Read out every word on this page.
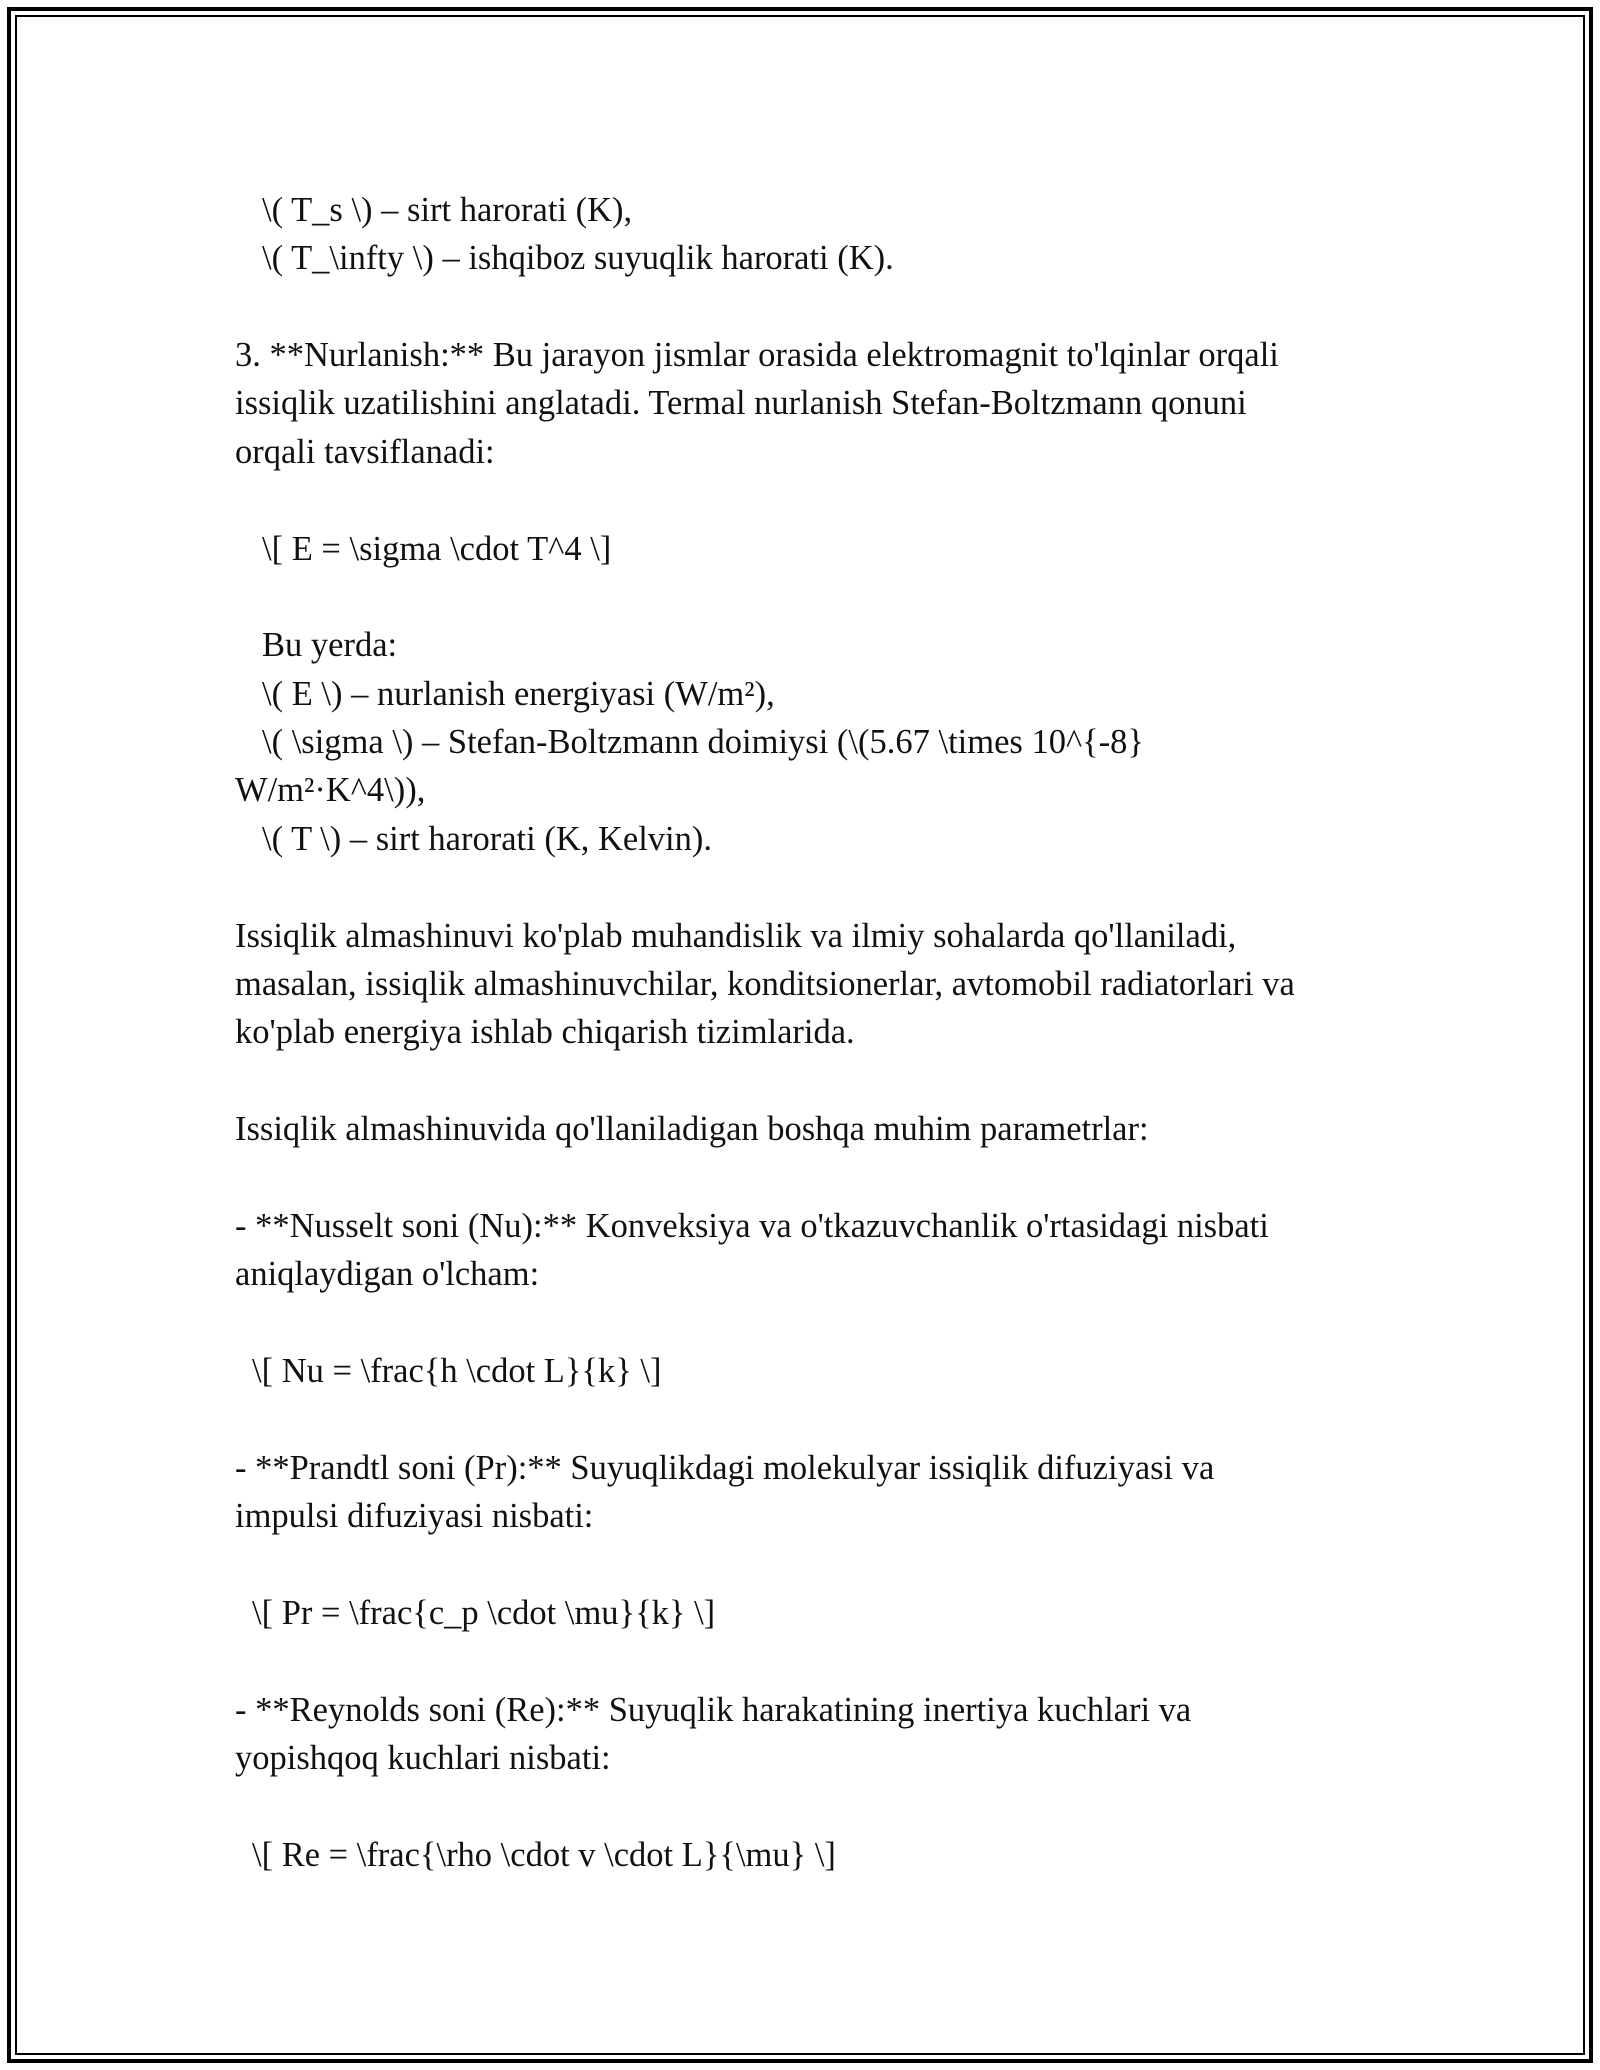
\( T_s \) – sirt harorati (K),
\( T_\infty \) – ishqiboz suyuqlik harorati (K).
3. **Nurlanish:** Bu jarayon jismlar orasida elektromagnit to'lqinlar orqali
issiqlik uzatilishini anglatadi. Termal nurlanish Stefan-Boltzmann qonuni
orqali tavsiflanadi:
\[ E = \sigma \cdot T^4 \]
Bu yerda:
\( E \) – nurlanish energiyasi (W/m²),
\( \sigma \) – Stefan-Boltzmann doimiysi (\(5.67 \times 10^{-8}
W/m²·K^4\)),
\( T \) – sirt harorati (K, Kelvin).
Issiqlik almashinuvi ko'plab muhandislik va ilmiy sohalarda qo'llaniladi,
masalan, issiqlik almashinuvchilar, konditsionerlar, avtomobil radiatorlari va
ko'plab energiya ishlab chiqarish tizimlarida.
Issiqlik almashinuvida qo'llaniladigan boshqa muhim parametrlar:
- **Nusselt soni (Nu):** Konveksiya va o'tkazuvchanlik o'rtasidagi nisbati
aniqlaydigan o'lcham:
\[ Nu = \frac{h \cdot L}{k} \]
- **Prandtl soni (Pr):** Suyuqlikdagi molekulyar issiqlik difuziyasi va
impulsi difuziyasi nisbati:
\[ Pr = \frac{c_p \cdot \mu}{k} \]
- **Reynolds soni (Re):** Suyuqlik harakatining inertiya kuchlari va
yopishqoq kuchlari nisbati:
\[ Re = \frac{\rho \cdot v \cdot L}{\mu} \]
